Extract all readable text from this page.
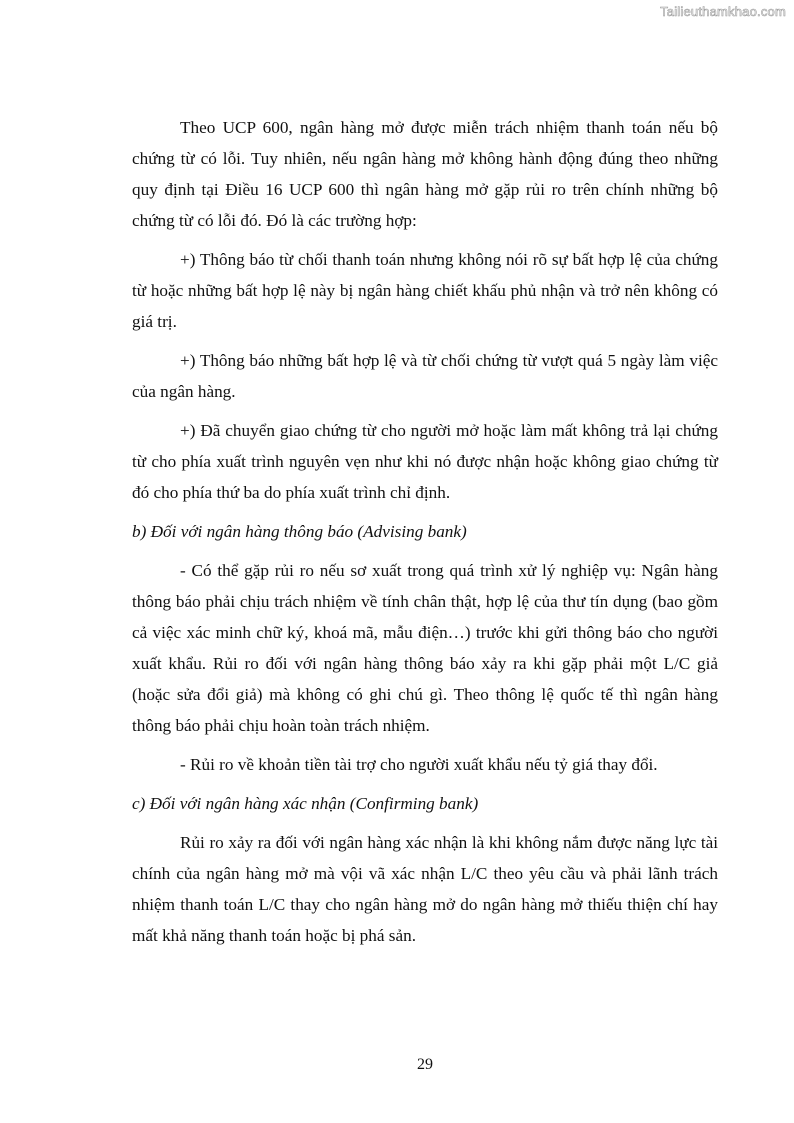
Tailieuthamkhao.com

Theo UCP 600, ngân hàng mở được miễn trách nhiệm thanh toán nếu bộ chứng từ có lỗi. Tuy nhiên, nếu ngân hàng mở không hành động đúng theo những quy định tại Điều 16 UCP 600 thì ngân hàng mở gặp rủi ro trên chính những bộ chứng từ có lỗi đó. Đó là các trường hợp:

+) Thông báo từ chối thanh toán nhưng không nói rõ sự bất hợp lệ của chứng từ hoặc những bất hợp lệ này bị ngân hàng chiết khấu phủ nhận và trở nên không có giá trị.

+) Thông báo những bất hợp lệ và từ chối chứng từ vượt quá 5 ngày làm việc của ngân hàng.

+) Đã chuyển giao chứng từ cho người mở hoặc làm mất không trả lại chứng từ cho phía xuất trình nguyên vẹn như khi nó được nhận hoặc không giao chứng từ đó cho phía thứ ba do phía xuất trình chỉ định.

b) Đối với ngân hàng thông báo (Advising bank)

- Có thể gặp rủi ro nếu sơ xuất trong quá trình xử lý nghiệp vụ: Ngân hàng thông báo phải chịu trách nhiệm về tính chân thật, hợp lệ của thư tín dụng (bao gồm cả việc xác minh chữ ký, khoá mã, mẫu điện…) trước khi gửi thông báo cho người xuất khẩu. Rủi ro đối với ngân hàng thông báo xảy ra khi gặp phải một L/C giả (hoặc sửa đổi giả) mà không có ghi chú gì. Theo thông lệ quốc tế thì ngân hàng thông báo phải chịu hoàn toàn trách nhiệm.

- Rủi ro về khoản tiền tài trợ cho người xuất khẩu nếu tỷ giá thay đổi.

c) Đối với ngân hàng xác nhận (Confirming bank)

Rủi ro xảy ra đối với ngân hàng xác nhận là khi không nắm được năng lực tài chính của ngân hàng mở mà vội vã xác nhận L/C theo yêu cầu và phải lãnh trách nhiệm thanh toán L/C thay cho ngân hàng mở do ngân hàng mở thiếu thiện chí hay mất khả năng thanh toán hoặc bị phá sản.

29
